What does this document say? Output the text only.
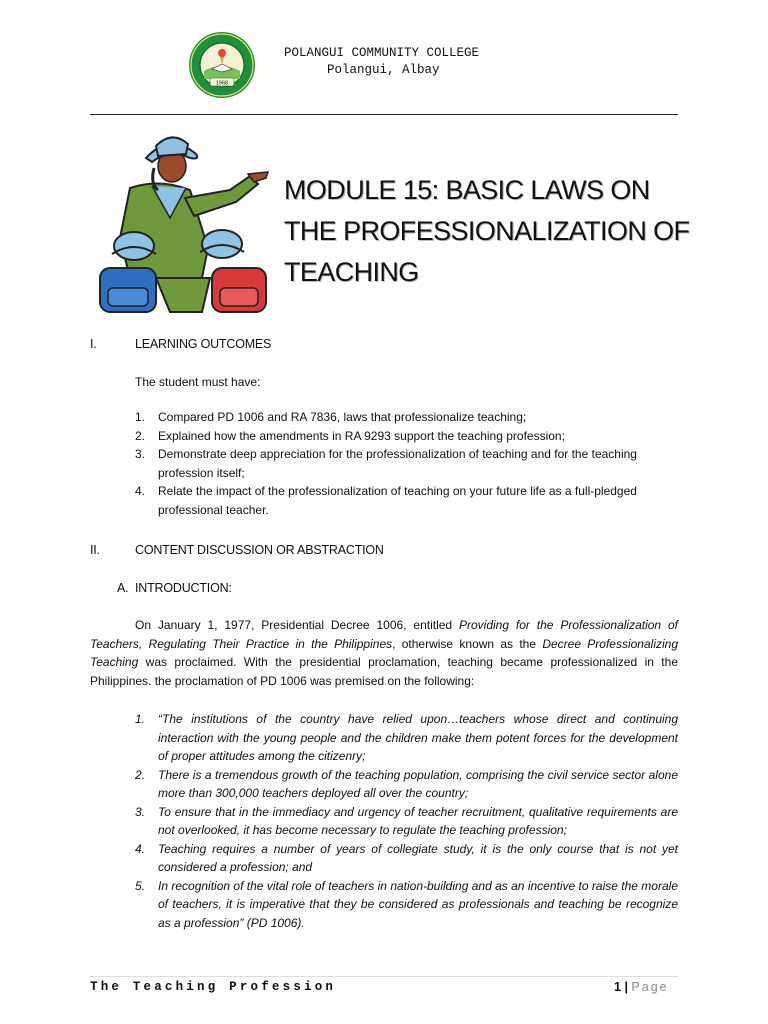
1968
POLANGUI COMMUNITY COLLEGE
Polangui, Albay
MODULE 15: BASIC LAWS ON
THE PROFESSIONALIZATION OF
TEACHING
I.	LEARNING OUTCOMES
The student must have:
1. Compared PD 1006 and RA 7836, laws that professionalize teaching;
2. Explained how the amendments in RA 9293 support the teaching profession;
3. Demonstrate deep appreciation for the professionalization of teaching and for the teaching profession itself;
4. Relate the impact of the professionalization of teaching on your future life as a full-pledged professional teacher.
II.	CONTENT DISCUSSION OR ABSTRACTION
A. INTRODUCTION:

On January 1, 1977, Presidential Decree 1006, entitled Providing for the Professionalization of Teachers, Regulating Their Practice in the Philippines, otherwise known as the Decree Professionalizing Teaching was proclaimed. With the presidential proclamation, teaching became professionalized in the Philippines. the proclamation of PD 1006 was premised on the following:

1. “The institutions of the country have relied upon…teachers whose direct and continuing interaction with the young people and the children make them potent forces for the development of proper attitudes among the citizenry;
2. There is a tremendous growth of the teaching population, comprising the civil service sector alone more than 300,000 teachers deployed all over the country;
3. To ensure that in the immediacy and urgency of teacher recruitment, qualitative requirements are not overlooked, it has become necessary to regulate the teaching profession;
4. Teaching requires a number of years of collegiate study, it is the only course that is not yet considered a profession; and
5. In recognition of the vital role of teachers in nation-building and as an incentive to raise the morale of teachers, it is imperative that they be considered as professionals and teaching be recognize as a profession” (PD 1006).
The Teaching Profession	1 | Page
